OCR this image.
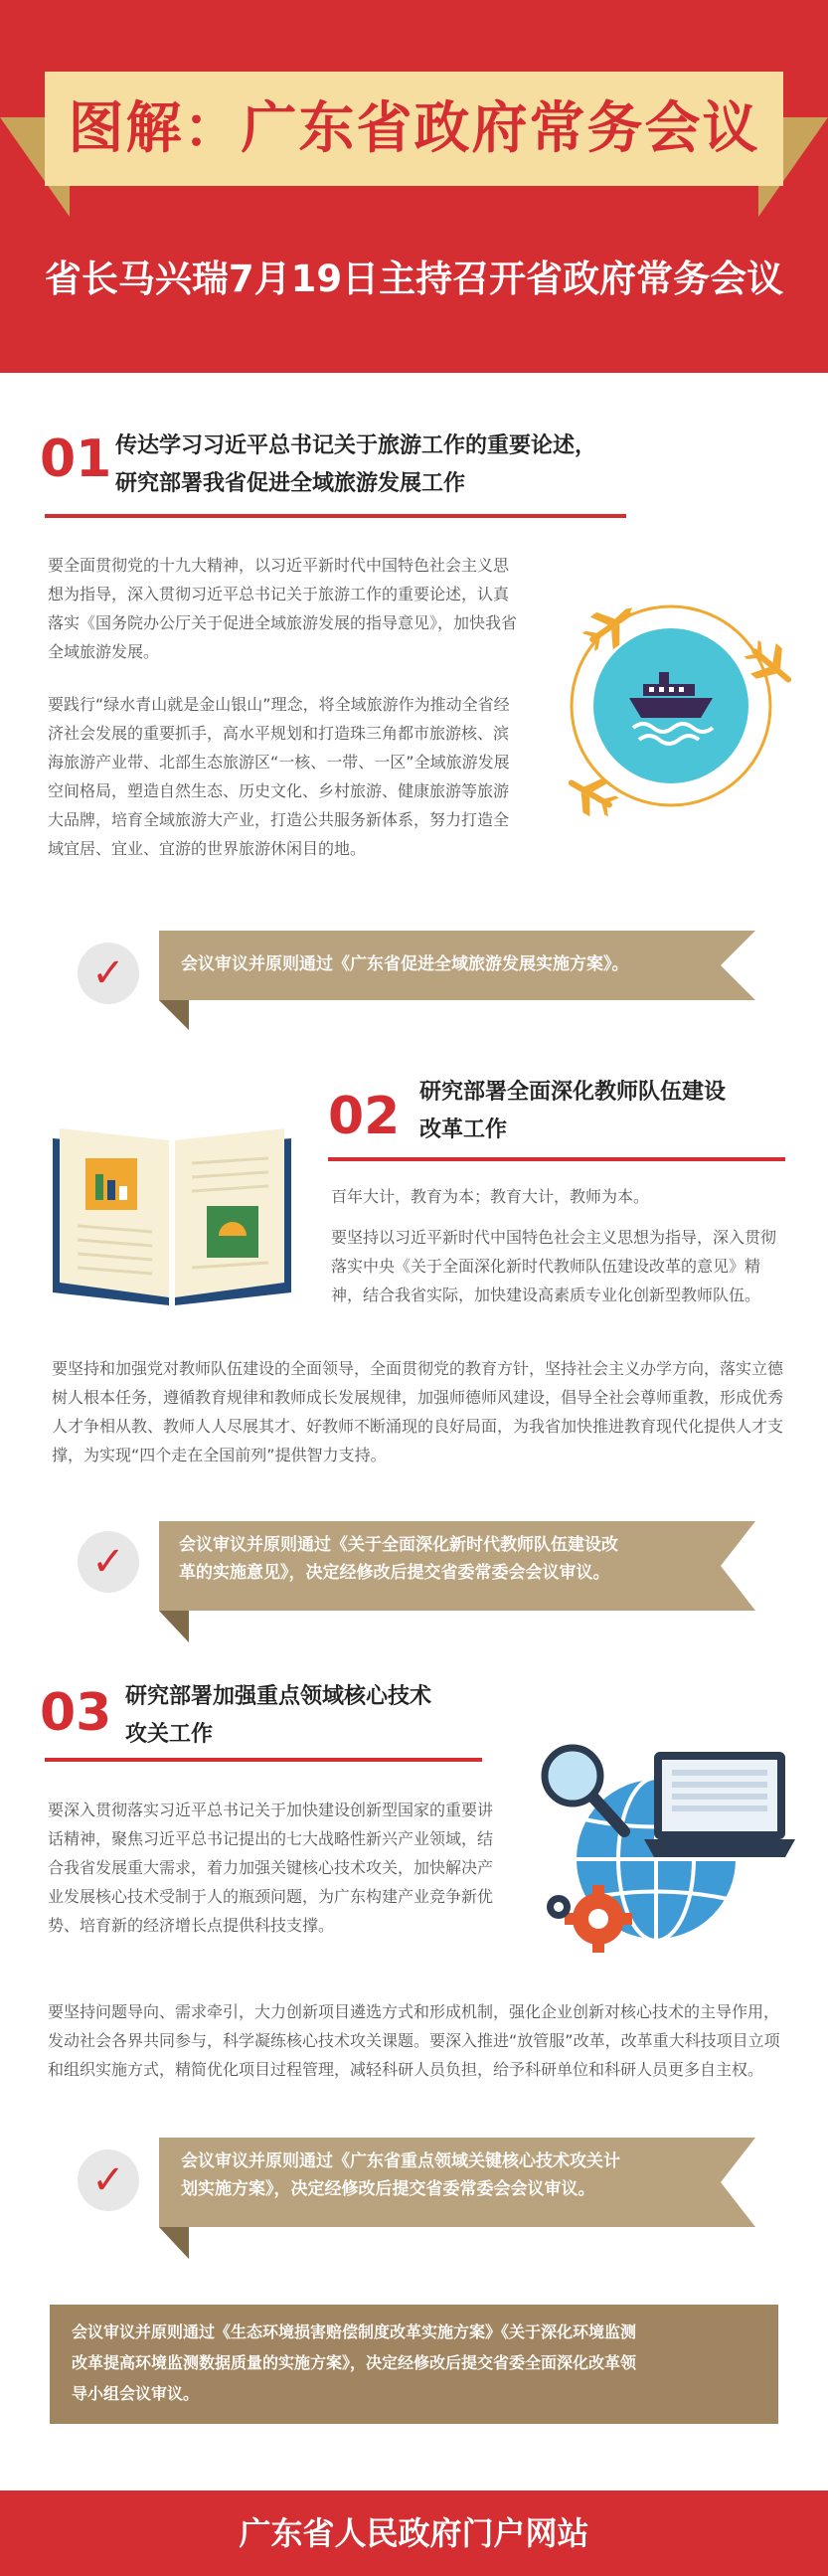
图解：广东省政府常务会议
省长马兴瑞7月19日主持召开省政府常务会议
01 传达学习习近平总书记关于旅游工作的重要论述，
研究部署我省促进全域旅游发展工作
要全面贯彻党的十九大精神，以习近平新时代中国特色社会主义思想为指导，深入贯彻习近平总书记关于旅游工作的重要论述，认真落实《国务院办公厅关于促进全域旅游发展的指导意见》，加快我省全域旅游发展。
要践行“绿水青山就是金山银山”理念，将全域旅游作为推动全省经济社会发展的重要抓手，高水平规划和打造珠三角都市旅游核、滨海旅游产业带、北部生态旅游区“一核、一带、一区”全域旅游发展空间格局，塑造自然生态、历史文化、乡村旅游、健康旅游等旅游大品牌，培育全域旅游大产业，打造公共服务新体系，努力打造全域宜居、宜业、宜游的世界旅游休闲目的地。
✓	会议审议并原则通过《广东省促进全域旅游发展实施方案》。
02 研究部署全面深化教师队伍建设
改革工作
百年大计，教育为本；教育大计，教师为本。
要坚持以习近平新时代中国特色社会主义思想为指导，深入贯彻落实中央《关于全面深化新时代教师队伍建设改革的意见》精神，结合我省实际，加快建设高素质专业化创新型教师队伍。
要坚持和加强党对教师队伍建设的全面领导，全面贯彻党的教育方针，坚持社会主义办学方向，落实立德树人根本任务，遵循教育规律和教师成长发展规律，加强师德师风建设，倡导全社会尊师重教，形成优秀人才争相从教、教师人人尽展其才、好教师不断涌现的良好局面，为我省加快推进教育现代化提供人才支撑，为实现“四个走在全国前列”提供智力支持。
✓	会议审议并原则通过《关于全面深化新时代教师队伍建设改
革的实施意见》，决定经修改后提交省委常委会会议审议。
03 研究部署加强重点领域核心技术
攻关工作
要深入贯彻落实习近平总书记关于加快建设创新型国家的重要讲话精神，聚焦习近平总书记提出的七大战略性新兴产业领域，结合我省发展重大需求，着力加强关键核心技术攻关，加快解决产业发展核心技术受制于人的瓶颈问题，为广东构建产业竞争新优势、培育新的经济增长点提供科技支撑。
要坚持问题导向、需求牵引，大力创新项目遴选方式和形成机制，强化企业创新对核心技术的主导作用，发动社会各界共同参与，科学凝练核心技术攻关课题。要深入推进“放管服”改革，改革重大科技项目立项和组织实施方式，精简优化项目过程管理，减轻科研人员负担，给予科研单位和科研人员更多自主权。
✓	会议审议并原则通过《广东省重点领域关键核心技术攻关计
划实施方案》，决定经修改后提交省委常委会会议审议。
会议审议并原则通过《生态环境损害赔偿制度改革实施方案》《关于深化环境监测
改革提高环境监测数据质量的实施方案》，决定经修改后提交省委全面深化改革领
导小组会议审议。
广东省人民政府门户网站
